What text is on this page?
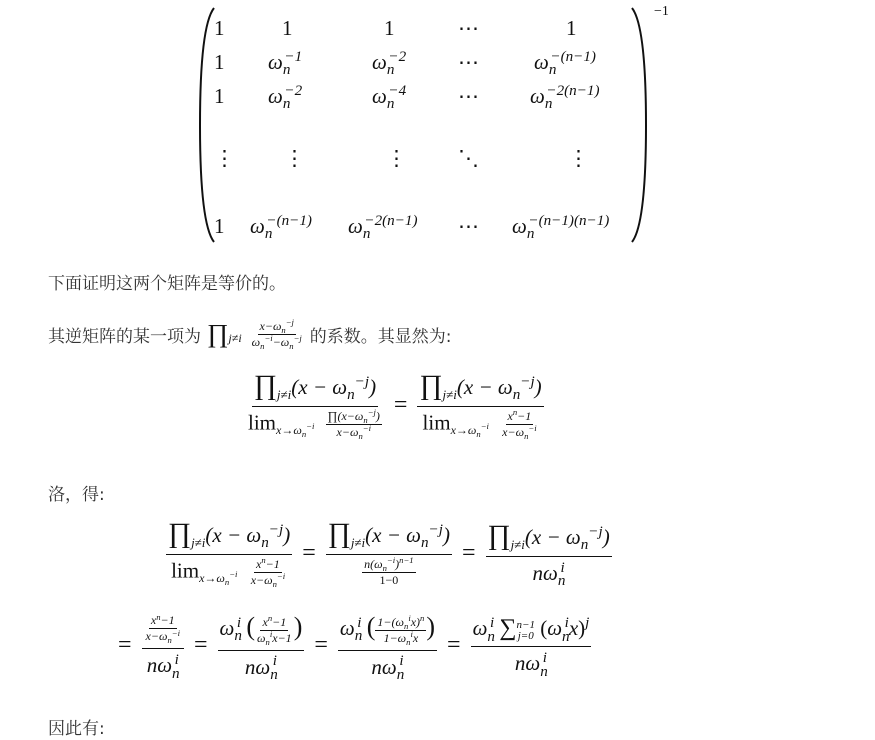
−1
1	1	1	⋯	1
1 $\omega_n^{-1}$	$\omega_n^{-2}$ ⋯	$\omega_n^{-(n-1)}$
1 $\omega_n^{-2}$	$\omega_n^{-4}$ ⋯ $\omega_n^{-2(n-1)}$
⋮ ⋮	⋮ ⋱	⋮
1 $\omega_n^{-(n-1)}$ $\omega_n^{-2(n-1)}$ ⋯ $\omega_n^{-(n-1)(n-1)}$
下面证明这两个矩阵是等价的。
其逆矩阵的某一项为 ∏ $j\ne i \frac{x-\omega_n^{-j}}{\omega_n^{-i}-\omega_n^{-j}}$ 的系数。其显然为:
$\frac{\prod_{j\ne i}(x - \omega_n^{-j})}{\lim_{x\to\omega_n^{-i}} \frac{\prod(x-\omega_n^{-j})}{x-\omega_n^{-i}}} = \frac{\prod_{j\ne i}(x - \omega_n^{-j})}{\lim_{x\to\omega_n^{-i}} \frac{x^n-1}{x-\omega_n^{-i}}}$
洛，得:
$\frac{\prod_{j\ne i}(x - \omega_n^{-j})}{\lim_{x\to\omega_n^{-i}} \frac{x^n-1}{x-\omega_n^{-i}}} = \frac{\prod_{j\ne i}(x - \omega_n^{-j})}{\frac{n(\omega_n^{-i})^{n-1}}{1-0}} = \frac{\prod_{j\ne i}(x - \omega_n^{-j})}{n\omega_n^i}$
= $\frac{\frac{x^n-1}{x-\omega_n^{-i}}}{n\omega_n^i} = \frac{\omega_n^i ( \frac{x^n-1}{\omega_n^ix-1} )}{n\omega_n^i} = \frac{\omega_n^i ( \frac{1-(\omega_n^ix)^n}{1-\omega_n^ix} )}{n\omega_n^i} = \omega_n^i$ ∑ n−1
j=0 $(\omega_n^ix)^j$
$n\omega_n^i$
因此有:
